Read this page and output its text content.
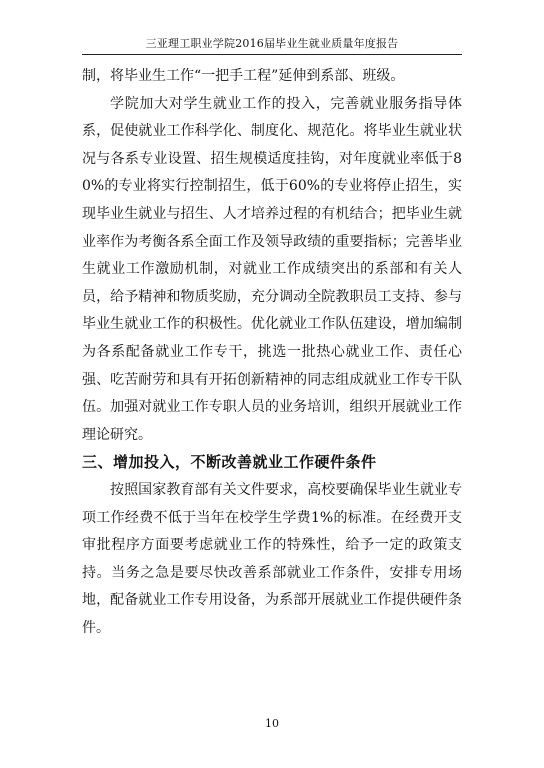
三亚理工职业学院2016届毕业生就业质量年度报告

制，将毕业生工作“一把手工程”延伸到系部、班级。

学院加大对学生就业工作的投入，完善就业服务指导体系，促使就业工作科学化、制度化、规范化。将毕业生就业状况与各系专业设置、招生规模适度挂钩，对年度就业率低于80%的专业将实行控制招生，低于60%的专业将停止招生，实现毕业生就业与招生、人才培养过程的有机结合；把毕业生就业率作为考衡各系全面工作及领导政绩的重要指标；完善毕业生就业工作激励机制，对就业工作成绩突出的系部和有关人员，给予精神和物质奖励，充分调动全院教职员工支持、参与毕业生就业工作的积极性。优化就业工作队伍建设，增加编制为各系配备就业工作专干，挑选一批热心就业工作、责任心强、吃苦耐劳和具有开拓创新精神的同志组成就业工作专干队伍。加强对就业工作专职人员的业务培训，组织开展就业工作理论研究。

三、增加投入，不断改善就业工作硬件条件

按照国家教育部有关文件要求，高校要确保毕业生就业专项工作经费不低于当年在校学生学费1%的标准。在经费开支审批程序方面要考虑就业工作的特殊性，给予一定的政策支持。当务之急是要尽快改善系部就业工作条件，安排专用场地，配备就业工作专用设备，为系部开展就业工作提供硬件条件。

10
